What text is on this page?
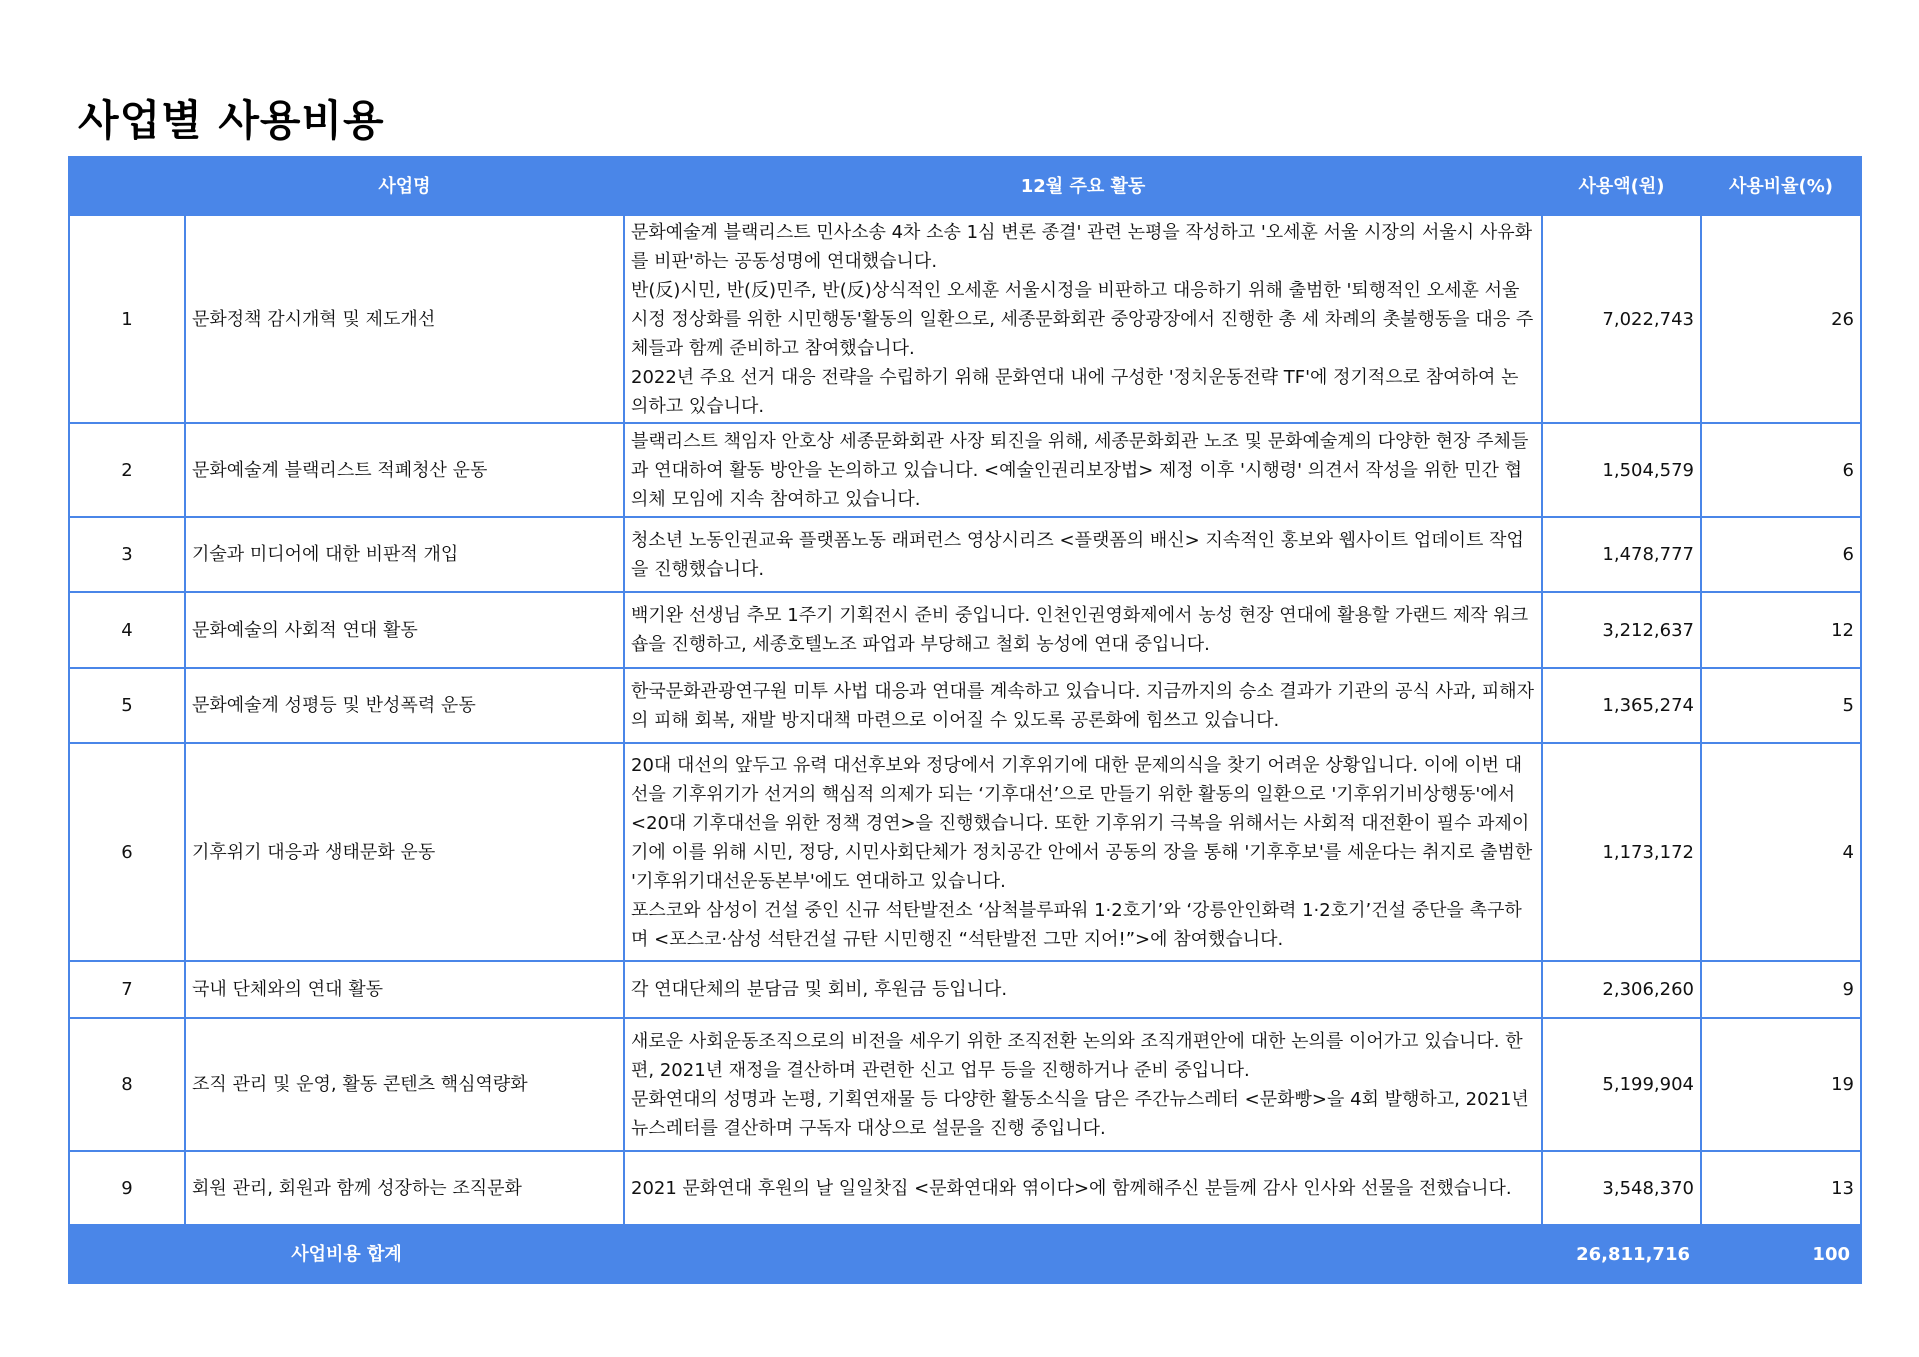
사업별 사용비용
	사업명	12월 주요 활동	사용액(원)	사용비율(%)
1	문화정책 감시개혁 및 제도개선	문화예술계 블랙리스트 민사소송 4차 소송 1심 변론 종결' 관련 논평을 작성하고 '오세훈 서울 시장의 서울시 사유화를 비판'하는 공동성명에 연대했습니다.
반(反)시민, 반(反)민주, 반(反)상식적인 오세훈 서울시정을 비판하고 대응하기 위해 출범한 '퇴행적인 오세훈 서울시정 정상화를 위한 시민행동'활동의 일환으로, 세종문화회관 중앙광장에서 진행한 총 세 차례의 촛불행동을 대응 주체들과 함께 준비하고 참여했습니다.
2022년 주요 선거 대응 전략을 수립하기 위해 문화연대 내에 구성한 '정치운동전략 TF'에 정기적으로 참여하여 논의하고 있습니다.	7,022,743	26
2	문화예술계 블랙리스트 적폐청산 운동	블랙리스트 책임자 안호상 세종문화회관 사장 퇴진을 위해, 세종문화회관 노조 및 문화예술계의 다양한 현장 주체들과 연대하여 활동 방안을 논의하고 있습니다. <예술인권리보장법> 제정 이후 '시행령' 의견서 작성을 위한 민간 협의체 모임에 지속 참여하고 있습니다.	1,504,579	6
3	기술과 미디어에 대한 비판적 개입	청소년 노동인권교육 플랫폼노동 래퍼런스 영상시리즈 <플랫폼의 배신> 지속적인 홍보와 웹사이트 업데이트 작업을 진행했습니다.	1,478,777	6
4	문화예술의 사회적 연대 활동	백기완 선생님 추모 1주기 기획전시 준비 중입니다. 인천인권영화제에서 농성 현장 연대에 활용할 가랜드 제작 워크숍을 진행하고, 세종호텔노조 파업과 부당해고 철회 농성에 연대 중입니다.	3,212,637	12
5	문화예술계 성평등 및 반성폭력 운동	한국문화관광연구원 미투 사법 대응과 연대를 계속하고 있습니다. 지금까지의 승소 결과가 기관의 공식 사과, 피해자의 피해 회복, 재발 방지대책 마련으로 이어질 수 있도록 공론화에 힘쓰고 있습니다.	1,365,274	5
6	기후위기 대응과 생태문화 운동	20대 대선의 앞두고 유력 대선후보와 정당에서 기후위기에 대한 문제의식을 찾기 어려운 상황입니다. 이에 이번 대선을 기후위기가 선거의 핵심적 의제가 되는 ‘기후대선’으로 만들기 위한 활동의 일환으로 '기후위기비상행동'에서 <20대 기후대선을 위한 정책 경연>을 진행했습니다. 또한 기후위기 극복을 위해서는 사회적 대전환이 필수 과제이기에 이를 위해 시민, 정당, 시민사회단체가 정치공간 안에서 공동의 장을 통해 '기후후보'를 세운다는 취지로 출범한 '기후위기대선운동본부'에도 연대하고 있습니다.
포스코와 삼성이 건설 중인 신규 석탄발전소 ‘삼척블루파워 1·2호기’와 ‘강릉안인화력 1·2호기’건설 중단을 촉구하며 <포스코·삼성 석탄건설 규탄 시민행진 “석탄발전 그만 지어!”>에 참여했습니다.	1,173,172	4
7	국내 단체와의 연대 활동	각 연대단체의 분담금 및 회비, 후원금 등입니다.	2,306,260	9
8	조직 관리 및 운영, 활동 콘텐츠 핵심역량화	새로운 사회운동조직으로의 비전을 세우기 위한 조직전환 논의와 조직개편안에 대한 논의를 이어가고 있습니다. 한편, 2021년 재정을 결산하며 관련한 신고 업무 등을 진행하거나 준비 중입니다.
문화연대의 성명과 논평, 기획연재물 등 다양한 활동소식을 담은 주간뉴스레터 <문화빵>을 4회 발행하고, 2021년 뉴스레터를 결산하며 구독자 대상으로 설문을 진행 중입니다.	5,199,904	19
9	회원 관리, 회원과 함께 성장하는 조직문화	2021 문화연대 후원의 날 일일찻집 <문화연대와 엮이다>에 함께해주신 분들께 감사 인사와 선물을 전했습니다.	3,548,370	13
사업비용 합계			26,811,716	100
